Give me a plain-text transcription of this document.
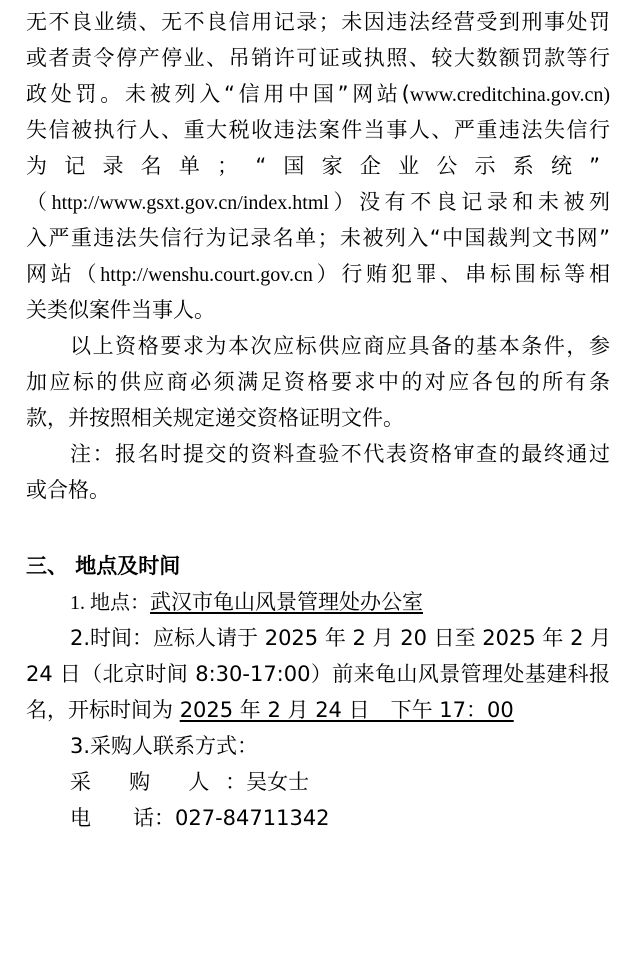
无不良业绩、无不良信用记录；未因违法经营受到刑事处罚
或者责令停产停业、吊销许可证或执照、较大数额罚款等行
政处罚。未被列入“信用中国”网站(www.creditchina.gov.cn)
失信被执行人、重大税收违法案件当事人、严重违法失信行
为记录名单；“国家企业公示系统”
（http://www.gsxt.gov.cn/index.html）没有不良记录和未被列
入严重违法失信行为记录名单；未被列入“中国裁判文书网”
网站（http://wenshu.court.gov.cn）行贿犯罪、串标围标等相
关类似案件当事人。
以上资格要求为本次应标供应商应具备的基本条件，参
加应标的供应商必须满足资格要求中的对应各包的所有条
款，并按照相关规定递交资格证明文件。
注：报名时提交的资料查验不代表资格审查的最终通过
或合格。
三、 地点及时间
1. 地点：武汉市龟山风景管理处办公室
2.时间：应标人请于 2025 年 2 月 20 日至 2025 年 2 月
24 日（北京时间 8:30-17:00）前来龟山风景管理处基建科报
名，开标时间为 2025 年 2 月 24 日　下午 17：00
3.采购人联系方式：
采 购 人：吴女士
电　　话：027-84711342
